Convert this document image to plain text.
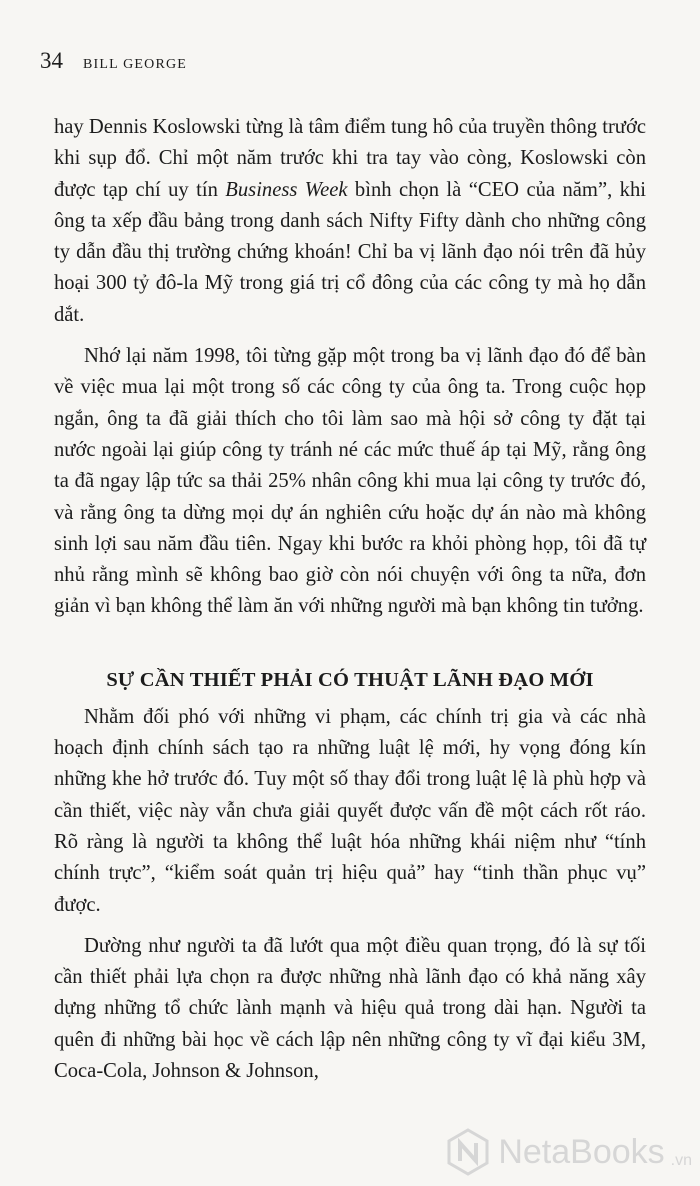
34 BILL GEORGE

hay Dennis Koslowski từng là tâm điểm tung hô của truyền thông trước khi sụp đổ. Chỉ một năm trước khi tra tay vào còng, Koslowski còn được tạp chí uy tín Business Week bình chọn là “CEO của năm”, khi ông ta xếp đầu bảng trong danh sách Nifty Fifty dành cho những công ty dẫn đầu thị trường chứng khoán! Chỉ ba vị lãnh đạo nói trên đã hủy hoại 300 tỷ đô-la Mỹ trong giá trị cổ đông của các công ty mà họ dẫn dắt.

Nhớ lại năm 1998, tôi từng gặp một trong ba vị lãnh đạo đó để bàn về việc mua lại một trong số các công ty của ông ta. Trong cuộc họp ngắn, ông ta đã giải thích cho tôi làm sao mà hội sở công ty đặt tại nước ngoài lại giúp công ty tránh né các mức thuế áp tại Mỹ, rằng ông ta đã ngay lập tức sa thải 25% nhân công khi mua lại công ty trước đó, và rằng ông ta dừng mọi dự án nghiên cứu hoặc dự án nào mà không sinh lợi sau năm đầu tiên. Ngay khi bước ra khỏi phòng họp, tôi đã tự nhủ rằng mình sẽ không bao giờ còn nói chuyện với ông ta nữa, đơn giản vì bạn không thể làm ăn với những người mà bạn không tin tưởng.

SỰ CẦN THIẾT PHẢI CÓ THUẬT LÃNH ĐẠO MỚI

Nhằm đối phó với những vi phạm, các chính trị gia và các nhà hoạch định chính sách tạo ra những luật lệ mới, hy vọng đóng kín những khe hở trước đó. Tuy một số thay đổi trong luật lệ là phù hợp và cần thiết, việc này vẫn chưa giải quyết được vấn đề một cách rốt ráo. Rõ ràng là người ta không thể luật hóa những khái niệm như “tính chính trực”, “kiểm soát quản trị hiệu quả” hay “tinh thần phục vụ” được.

Dường như người ta đã lướt qua một điều quan trọng, đó là sự tối cần thiết phải lựa chọn ra được những nhà lãnh đạo có khả năng xây dựng những tổ chức lành mạnh và hiệu quả trong dài hạn. Người ta quên đi những bài học về cách lập nên những công ty vĩ đại kiểu 3M, Coca-Cola, Johnson & Johnson,

NetaBooks .vn
